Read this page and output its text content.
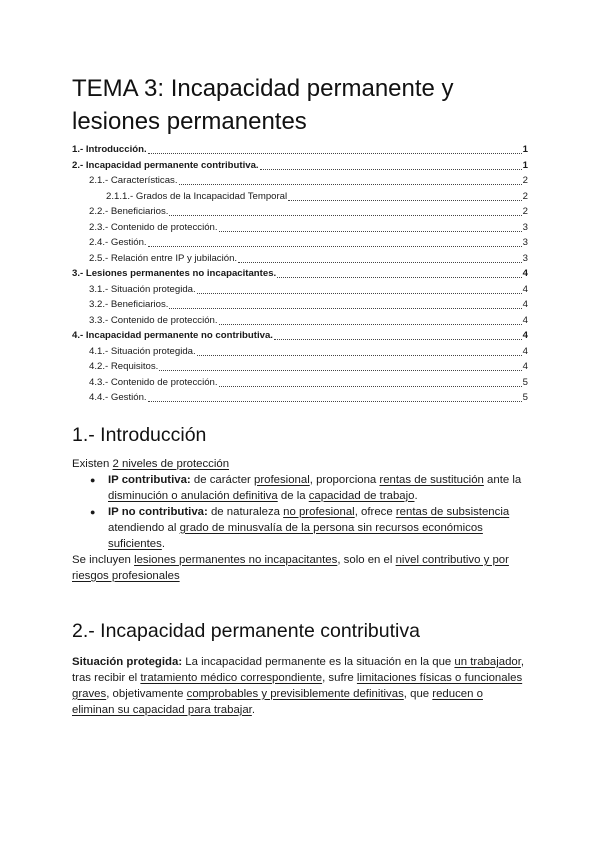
TEMA 3: Incapacidad permanente y lesiones permanentes
1.- Introducción.	1
2.- Incapacidad permanente contributiva.	1
2.1.- Características.	2
2.1.1.- Grados de la Incapacidad Temporal	2
2.2.- Beneficiarios.	2
2.3.- Contenido de protección.	3
2.4.- Gestión.	3
2.5.- Relación entre IP y jubilación.	3
3.- Lesiones permanentes no incapacitantes.	4
3.1.- Situación protegida.	4
3.2.- Beneficiarios.	4
3.3.- Contenido de protección.	4
4.- Incapacidad permanente no contributiva.	4
4.1.- Situación protegida.	4
4.2.- Requisitos.	4
4.3.- Contenido de protección.	5
4.4.- Gestión.	5
1.- Introducción

Existen 2 niveles de protección

● IP contributiva: de carácter profesional, proporciona rentas de sustitución ante la disminución o anulación definitiva de la capacidad de trabajo.
● IP no contributiva: de naturaleza no profesional, ofrece rentas de subsistencia atendiendo al grado de minusvalía de la persona sin recursos económicos suficientes.

Se incluyen lesiones permanentes no incapacitantes, solo en el nivel contributivo y por riesgos profesionales

2.- Incapacidad permanente contributiva

Situación protegida: La incapacidad permanente es la situación en la que un trabajador, tras recibir el tratamiento médico correspondiente, sufre limitaciones físicas o funcionales graves, objetivamente comprobables y previsiblemente definitivas, que reducen o eliminan su capacidad para trabajar.
